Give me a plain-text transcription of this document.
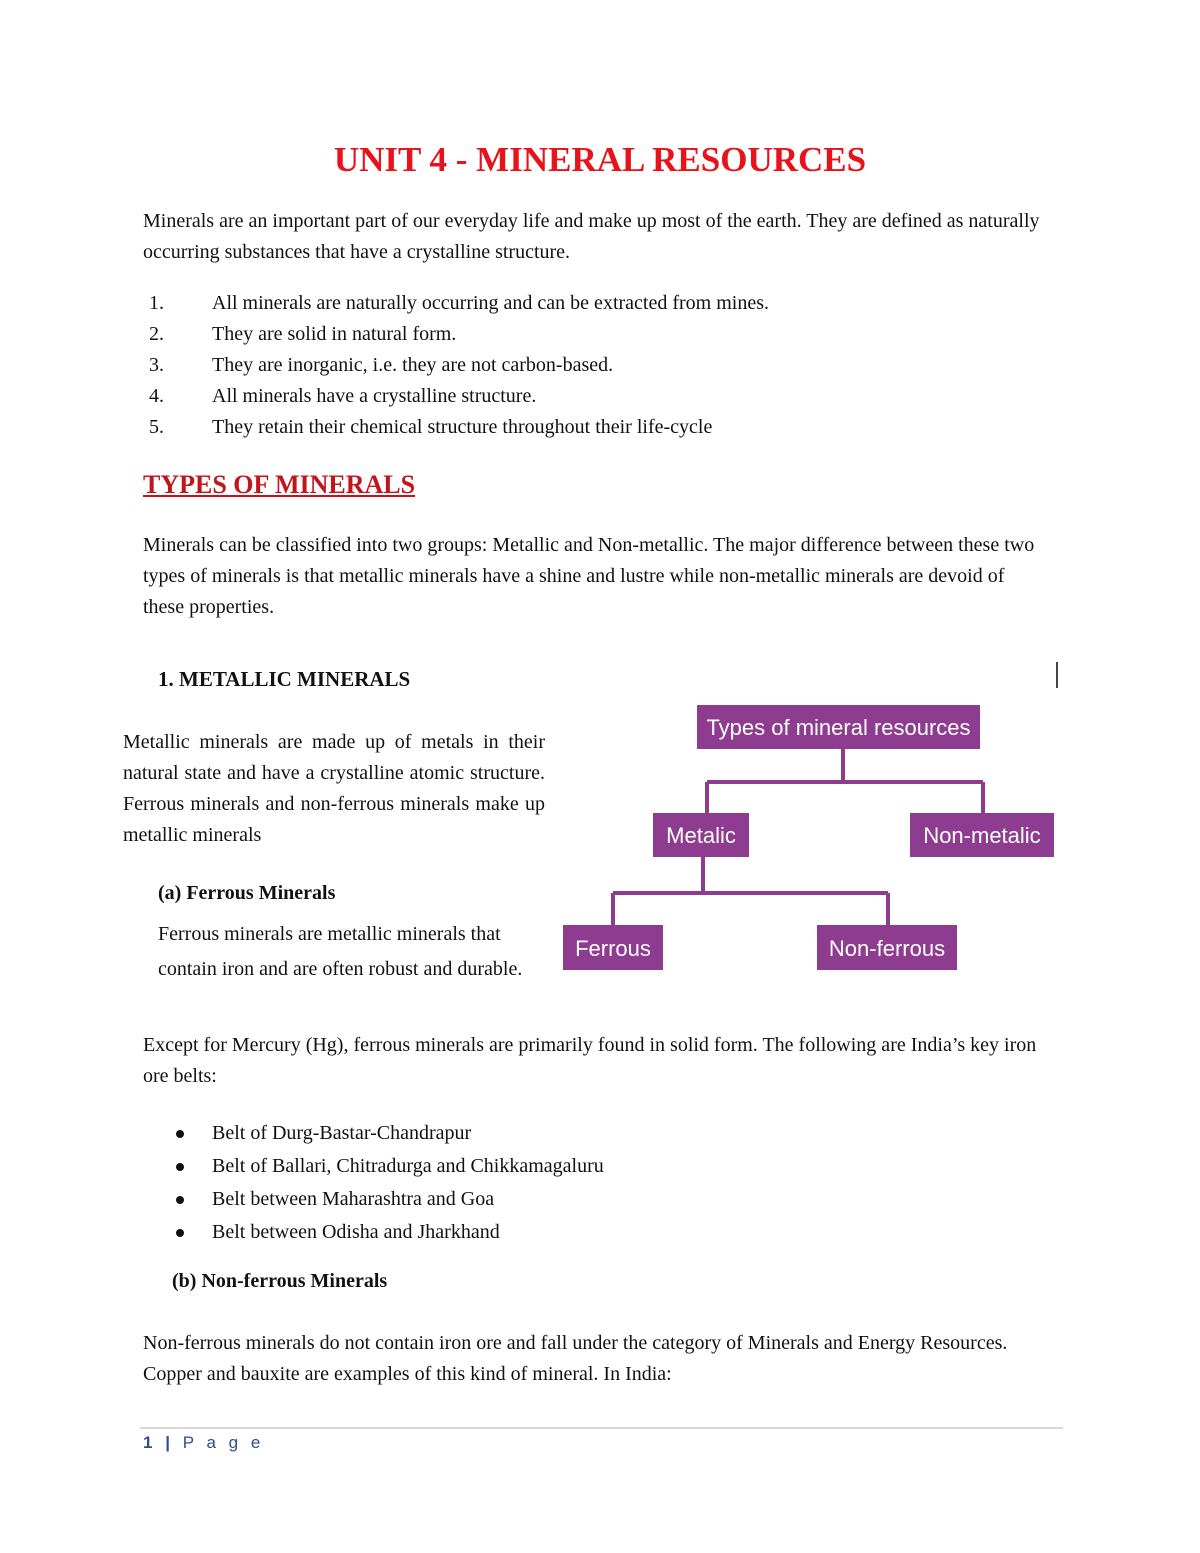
UNIT 4 - MINERAL RESOURCES

Minerals are an important part of our everyday life and make up most of the earth. They are defined as naturally occurring substances that have a crystalline structure.

1. All minerals are naturally occurring and can be extracted from mines.
2. They are solid in natural form.
3. They are inorganic, i.e. they are not carbon-based.
4. All minerals have a crystalline structure.
5. They retain their chemical structure throughout their life-cycle
TYPES OF MINERALS

Minerals can be classified into two groups: Metallic and Non-metallic. The major difference between these two types of minerals is that metallic minerals have a shine and lustre while non-metallic minerals are devoid of these properties.

1. METALLIC MINERALS

Metallic minerals are made up of metals in their natural state and have a crystalline atomic structure. Ferrous minerals and non-ferrous minerals make up metallic minerals

(a) Ferrous Minerals

Ferrous minerals are metallic minerals that contain iron and are often robust and durable.

Except for Mercury (Hg), ferrous minerals are primarily found in solid form. The following are India’s key iron ore belts:

Belt of Durg-Bastar-Chandrapur
Belt of Ballari, Chitradurga and Chikkamagaluru
Belt between Maharashtra and Goa
Belt between Odisha and Jharkhand
(b) Non-ferrous Minerals

Non-ferrous minerals do not contain iron ore and fall under the category of Minerals and Energy Resources. Copper and bauxite are examples of this kind of mineral. In India:

Types of mineral resources
Metalic	Non-metalic
Ferrous	Non-ferrous

1 | P a g e
